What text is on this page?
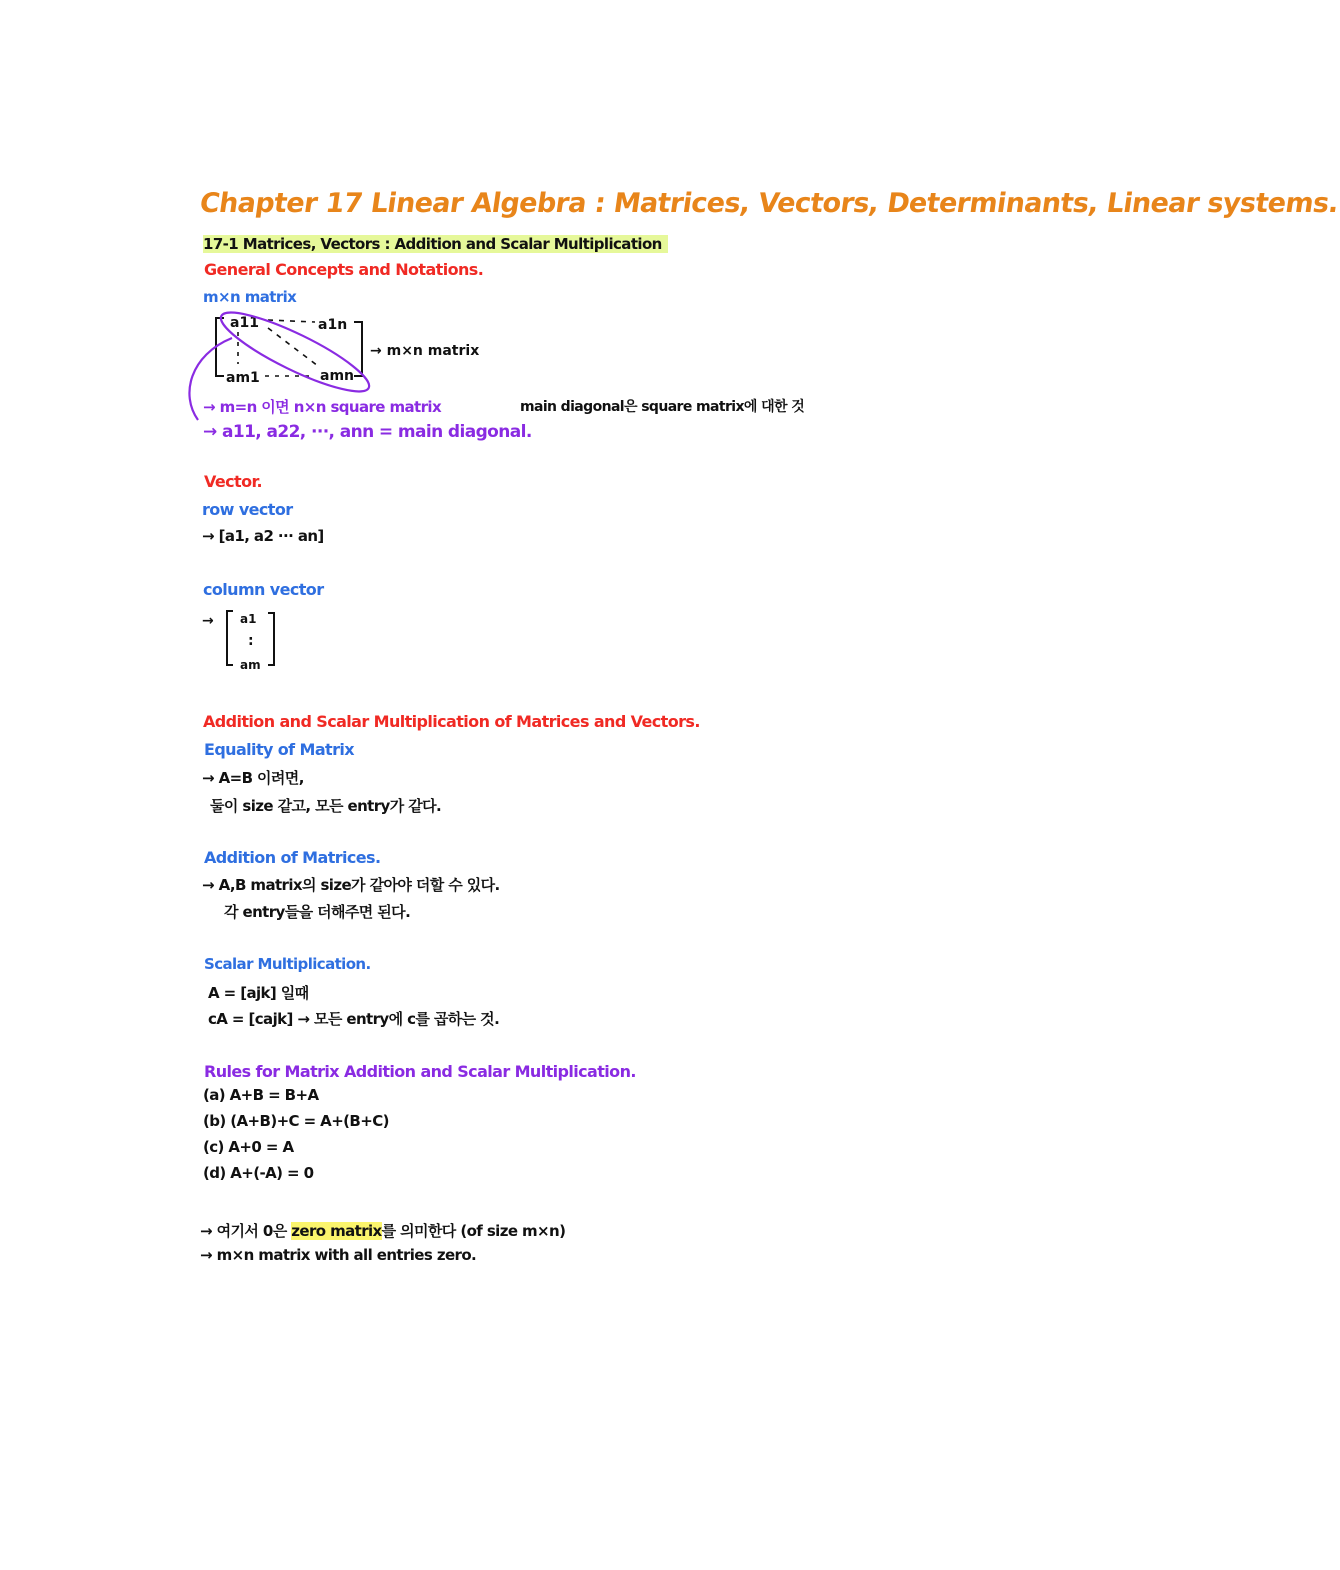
Chapter 17 Linear Algebra : Matrices, Vectors, Determinants, Linear systems.
17-1 Matrices, Vectors : Addition and Scalar Multiplication
General Concepts and Notations.
m×n matrix
a11	a1n
am1	amn
→ m×n matrix
→ m=n 이면 n×n square matrix	main diagonal은 square matrix에 대한 것
→ a11, a22, ···, ann = main diagonal.
Vector.
row vector
→ [a1, a2 ··· an]
column vector
→ a1
:
am
Addition and Scalar Multiplication of Matrices and Vectors.
Equality of Matrix
→ A=B 이려면,
둘이 size 같고, 모든 entry가 같다.
Addition of Matrices.
→ A,B matrix의 size가 같아야 더할 수 있다.
각 entry들을 더해주면 된다.
Scalar Multiplication.
A = [ajk] 일때
cA = [cajk] → 모든 entry에 c를 곱하는 것.
Rules for Matrix Addition and Scalar Multiplication.
(a) A+B = B+A
(b) (A+B)+C = A+(B+C)
(c) A+0 = A
(d) A+(-A) = 0
→ 여기서 0은 zero matrix를 의미한다 (of size m×n)
→ m×n matrix with all entries zero.
